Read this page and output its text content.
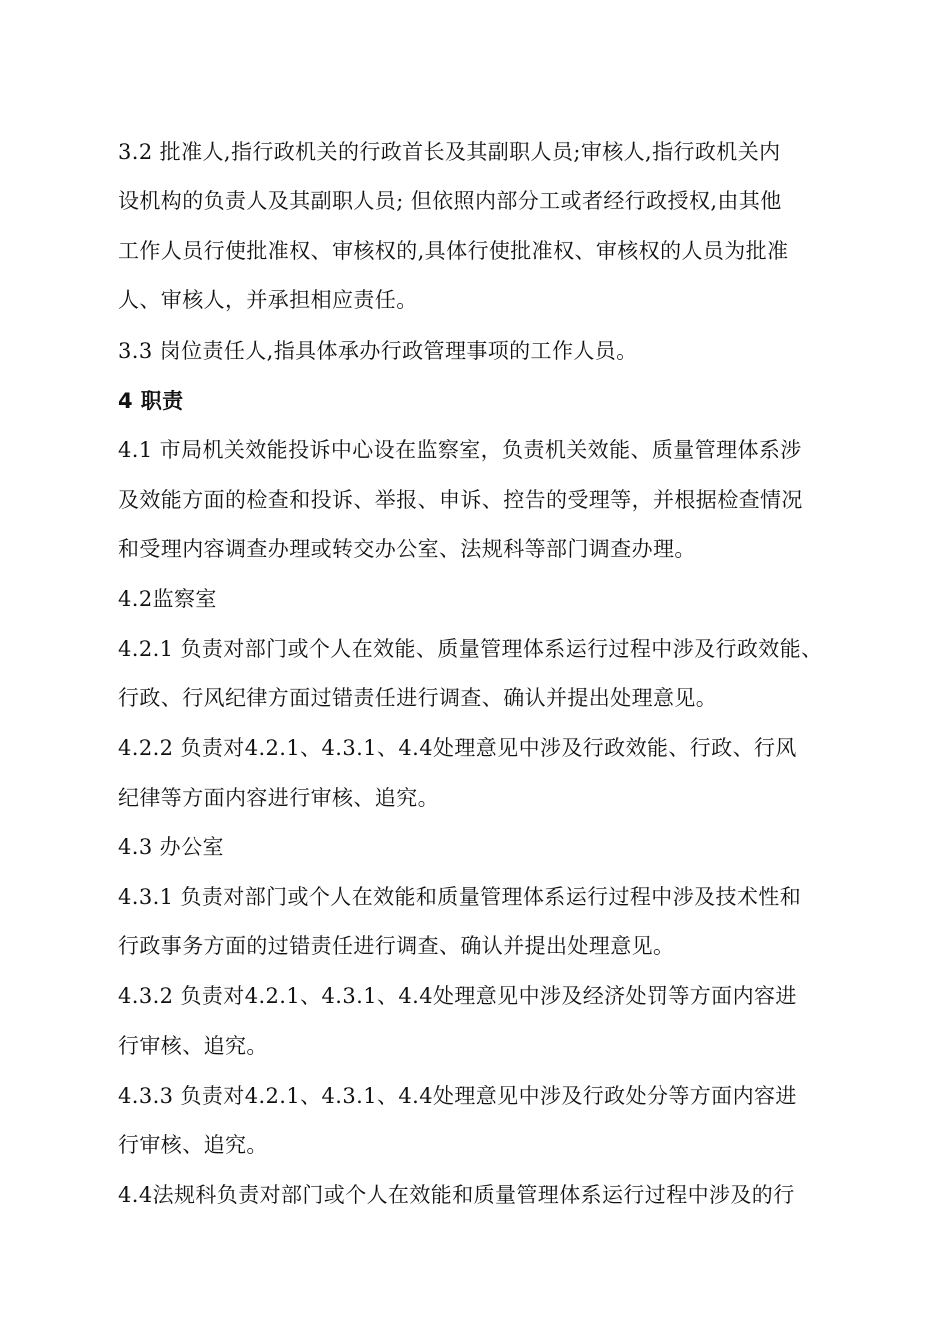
3.2 批准人,指行政机关的行政首长及其副职人员;审核人,指行政机关内
设机构的负责人及其副职人员; 但依照内部分工或者经行政授权,由其他
工作人员行使批准权、审核权的,具体行使批准权、审核权的人员为批准
人、审核人，并承担相应责任。
3.3 岗位责任人,指具体承办行政管理事项的工作人员。
4 职责
4.1 市局机关效能投诉中心设在监察室，负责机关效能、质量管理体系涉
及效能方面的检查和投诉、举报、申诉、控告的受理等，并根据检查情况
和受理内容调查办理或转交办公室、法规科等部门调查办理。
4.2监察室
4.2.1 负责对部门或个人在效能、质量管理体系运行过程中涉及行政效能、
行政、行风纪律方面过错责任进行调查、确认并提出处理意见。
4.2.2 负责对4.2.1、4.3.1、4.4处理意见中涉及行政效能、行政、行风
纪律等方面内容进行审核、追究。
4.3 办公室
4.3.1 负责对部门或个人在效能和质量管理体系运行过程中涉及技术性和
行政事务方面的过错责任进行调查、确认并提出处理意见。
4.3.2 负责对4.2.1、4.3.1、4.4处理意见中涉及经济处罚等方面内容进
行审核、追究。
4.3.3 负责对4.2.1、4.3.1、4.4处理意见中涉及行政处分等方面内容进
行审核、追究。
4.4法规科负责对部门或个人在效能和质量管理体系运行过程中涉及的行
